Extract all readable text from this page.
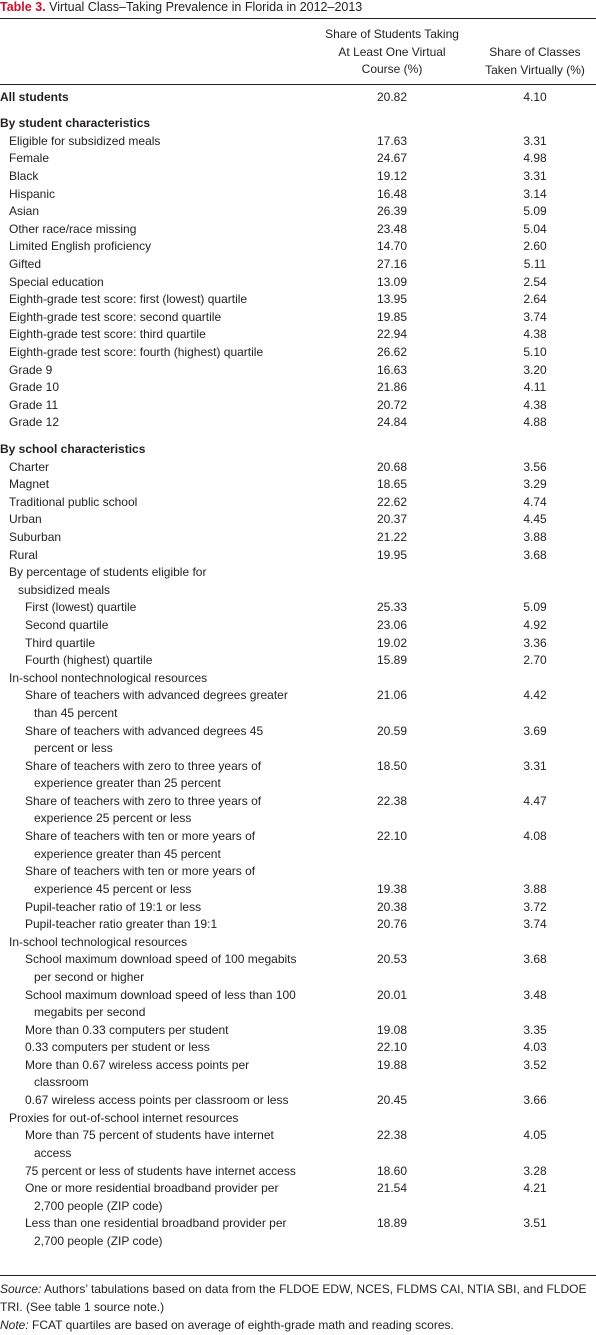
Table 3. Virtual Class–Taking Prevalence in Florida in 2012–2013
Share of Students Taking
At Least One Virtual
Course (%)
Share of Classes
Taken Virtually (%)
All students	20.82	4.10
By student characteristics
Eligible for subsidized meals	17.63	3.31
Female	24.67	4.98
Black	19.12	3.31
Hispanic	16.48	3.14
Asian	26.39	5.09
Other race/race missing	23.48	5.04
Limited English proficiency	14.70	2.60
Gifted	27.16	5.11
Special education	13.09	2.54
Eighth-grade test score: first (lowest) quartile	13.95	2.64
Eighth-grade test score: second quartile	19.85	3.74
Eighth-grade test score: third quartile	22.94	4.38
Eighth-grade test score: fourth (highest) quartile	26.62	5.10
Grade 9	16.63	3.20
Grade 10	21.86	4.11
Grade 11	20.72	4.38
Grade 12	24.84	4.88
By school characteristics
Charter	20.68	3.56
Magnet	18.65	3.29
Traditional public school	22.62	4.74
Urban	20.37	4.45
Suburban	21.22	3.88
Rural	19.95	3.68
By percentage of students eligible for
subsidized meals
First (lowest) quartile	25.33	5.09
Second quartile	23.06	4.92
Third quartile	19.02	3.36
Fourth (highest) quartile	15.89	2.70
In-school nontechnological resources
Share of teachers with advanced degrees greater
than 45 percent
21.06	4.42
Share of teachers with advanced degrees 45
percent or less
20.59	3.69
Share of teachers with zero to three years of
experience greater than 25 percent
18.50	3.31
Share of teachers with zero to three years of
experience 25 percent or less
22.38	4.47
Share of teachers with ten or more years of
experience greater than 45 percent
22.10	4.08
Share of teachers with ten or more years of
experience 45 percent or less	19.38	3.88
Pupil-teacher ratio of 19:1 or less	20.38	3.72
Pupil-teacher ratio greater than 19:1	20.76	3.74
In-school technological resources
School maximum download speed of 100 megabits
per second or higher
20.53	3.68
School maximum download speed of less than 100
megabits per second
20.01	3.48
More than 0.33 computers per student	19.08	3.35
0.33 computers per student or less	22.10	4.03
More than 0.67 wireless access points per
classroom
19.88	3.52
0.67 wireless access points per classroom or less	20.45	3.66
Proxies for out-of-school internet resources
More than 75 percent of students have internet
access
22.38	4.05
75 percent or less of students have internet access	18.60	3.28
One or more residential broadband provider per
2,700 people (ZIP code)
21.54	4.21
Less than one residential broadband provider per
2,700 people (ZIP code)
18.89	3.51
Source: Authors’ tabulations based on data from the FLDOE EDW, NCES, FLDMS CAI, NTIA SBI, and FLDOE TRI. (See table 1 source note.)
Note: FCAT quartiles are based on average of eighth-grade math and reading scores.
